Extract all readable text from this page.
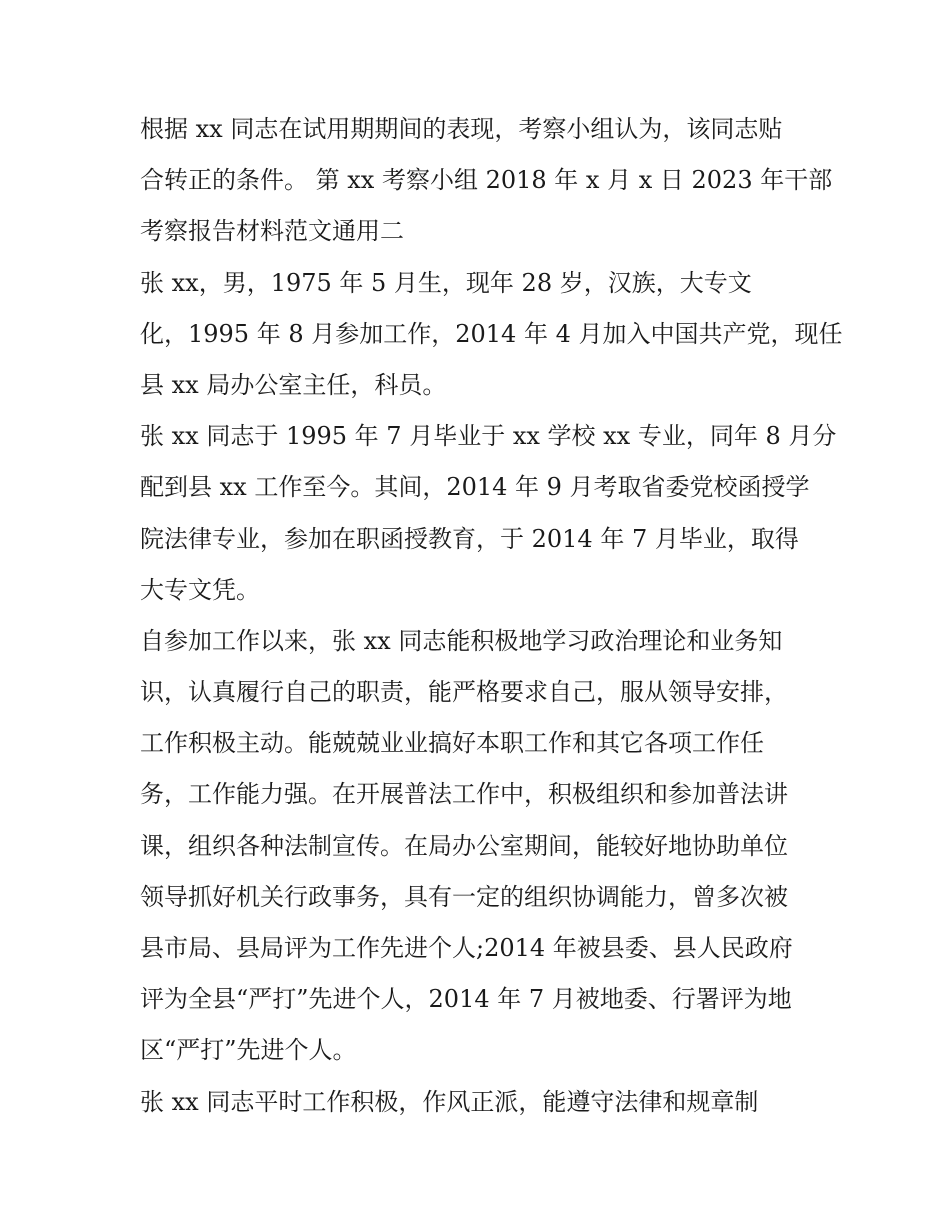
根据 xx 同志在试用期期间的表现，考察小组认为，该同志贴
合转正的条件。 第 xx 考察小组 2018 年 x 月 x 日 2023 年干部
考察报告材料范文通用二
张 xx，男，1975 年 5 月生，现年 28 岁，汉族，大专文
化，1995 年 8 月参加工作，2014 年 4 月加入中国共产党，现任
县 xx 局办公室主任，科员。
张 xx 同志于 1995 年 7 月毕业于 xx 学校 xx 专业，同年 8 月分
配到县 xx 工作至今。其间，2014 年 9 月考取省委党校函授学
院法律专业，参加在职函授教育，于 2014 年 7 月毕业，取得
大专文凭。
自参加工作以来，张 xx 同志能积极地学习政治理论和业务知
识，认真履行自己的职责，能严格要求自己，服从领导安排，
工作积极主动。能兢兢业业搞好本职工作和其它各项工作任
务，工作能力强。在开展普法工作中，积极组织和参加普法讲
课，组织各种法制宣传。在局办公室期间，能较好地协助单位
领导抓好机关行政事务，具有一定的组织协调能力，曾多次被
县市局、县局评为工作先进个人;2014 年被县委、县人民政府
评为全县“严打”先进个人，2014 年 7 月被地委、行署评为地
区“严打”先进个人。
张 xx 同志平时工作积极，作风正派，能遵守法律和规章制
